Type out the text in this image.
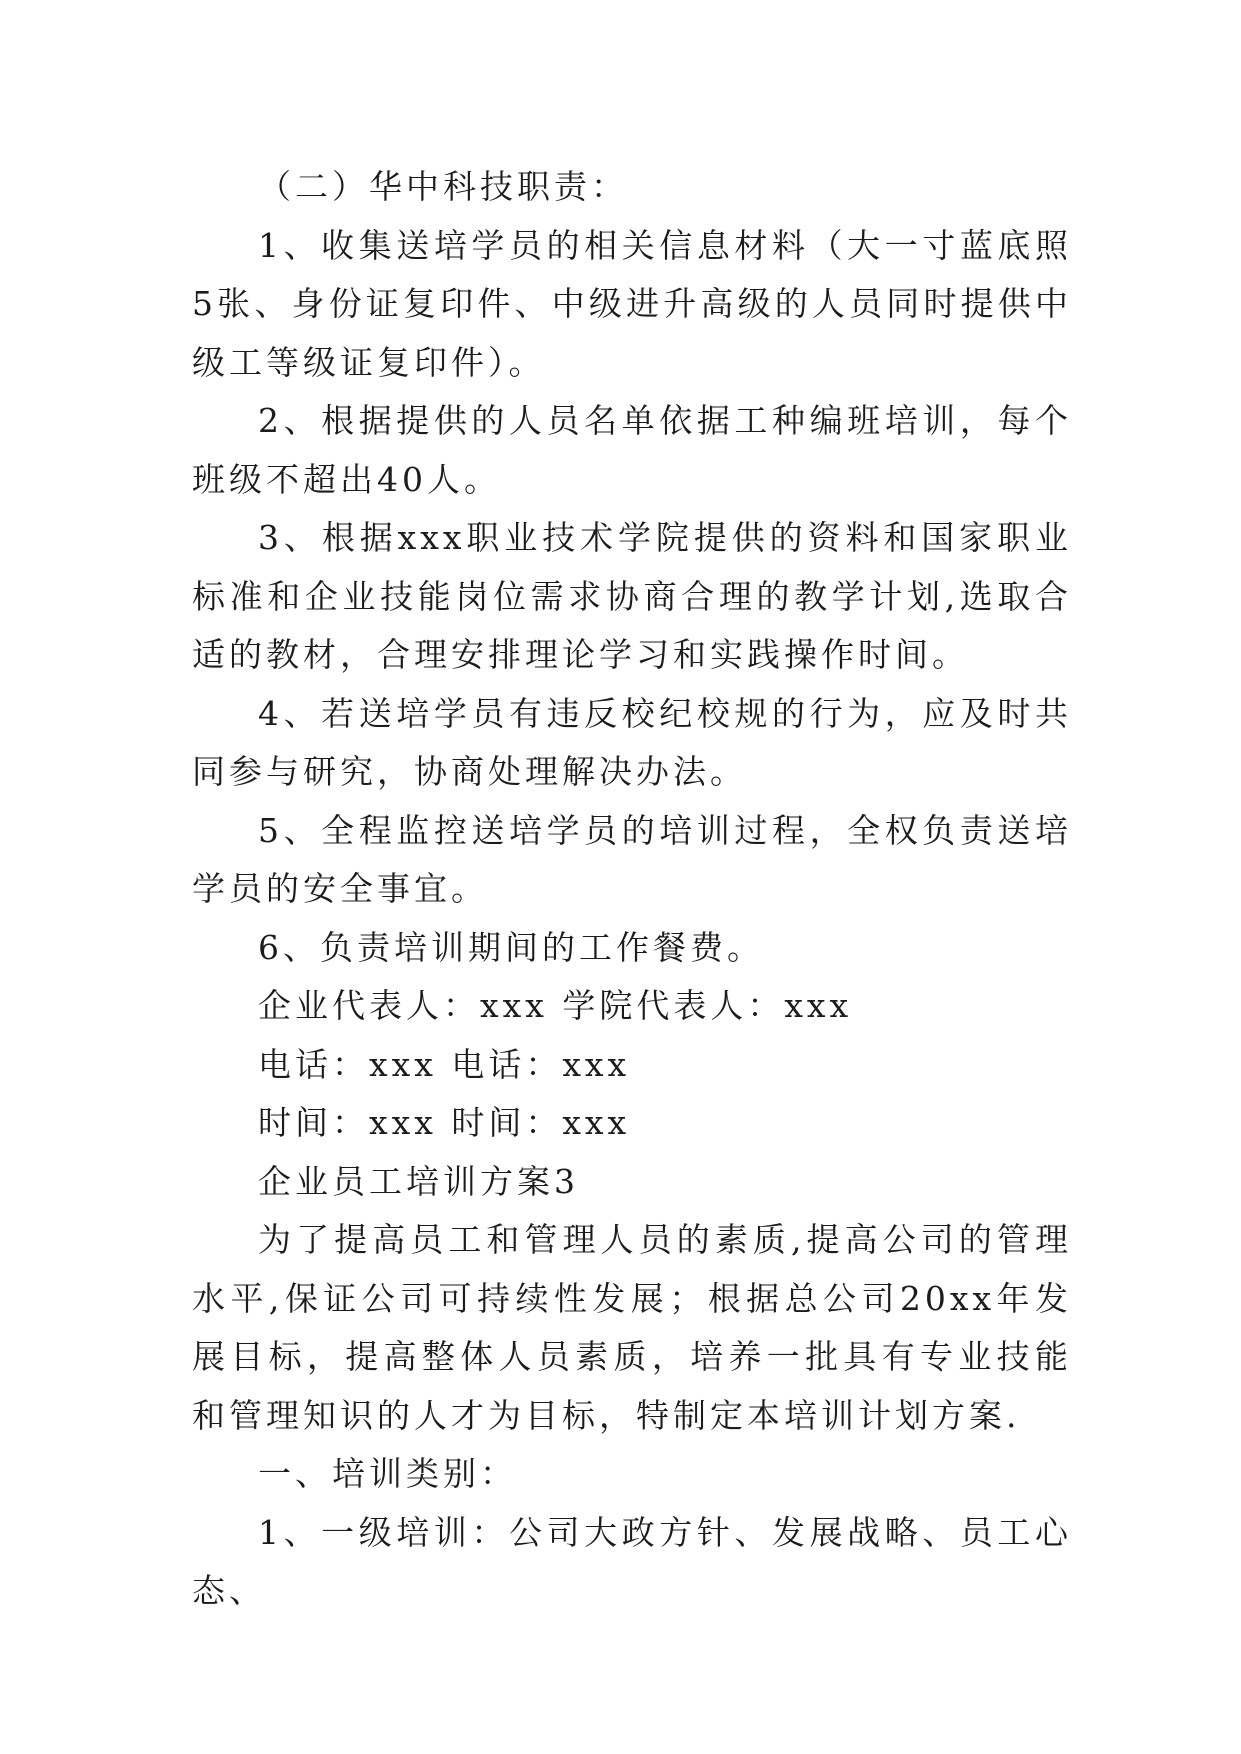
（二）华中科技职责：

1、收集送培学员的相关信息材料（大一寸蓝底照5张、身份证复印件、中级进升高级的人员同时提供中级工等级证复印件）。

2、根据提供的人员名单依据工种编班培训，每个班级不超出40人。

3、根据xxx职业技术学院提供的资料和国家职业标准和企业技能岗位需求协商合理的教学计划,选取合适的教材，合理安排理论学习和实践操作时间。

4、若送培学员有违反校纪校规的行为，应及时共同参与研究，协商处理解决办法。

5、全程监控送培学员的培训过程，全权负责送培学员的安全事宜。

6、负责培训期间的工作餐费。

企业代表人：xxx 学院代表人：xxx

电话：xxx 电话：xxx

时间：xxx 时间：xxx

企业员工培训方案3

为了提高员工和管理人员的素质,提高公司的管理水平,保证公司可持续性发展；根据总公司20xx年发展目标，提高整体人员素质，培养一批具有专业技能和管理知识的人才为目标，特制定本培训计划方案.

一、培训类别：

1、一级培训：公司大政方针、发展战略、员工心态、
